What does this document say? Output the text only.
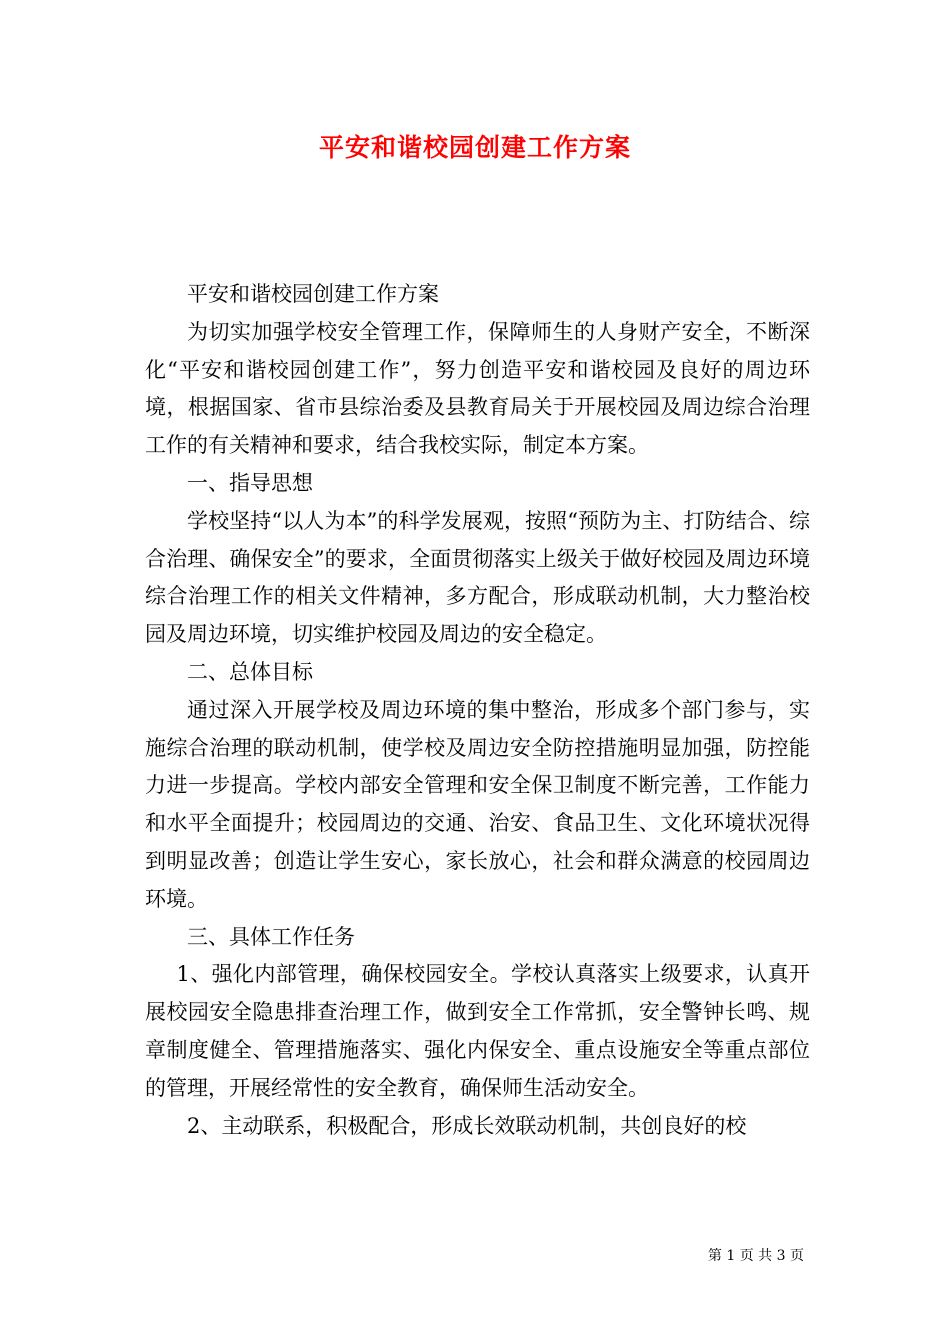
平安和谐校园创建工作方案

平安和谐校园创建工作方案

为切实加强学校安全管理工作，保障师生的人身财产安全，不断深化“平安和谐校园创建工作”，努力创造平安和谐校园及良好的周边环境，根据国家、省市县综治委及县教育局关于开展校园及周边综合治理工作的有关精神和要求，结合我校实际，制定本方案。

一、指导思想

学校坚持“以人为本”的科学发展观，按照“预防为主、打防结合、综合治理、确保安全”的要求，全面贯彻落实上级关于做好校园及周边环境综合治理工作的相关文件精神，多方配合，形成联动机制，大力整治校园及周边环境，切实维护校园及周边的安全稳定。

二、总体目标

通过深入开展学校及周边环境的集中整治，形成多个部门参与，实施综合治理的联动机制，使学校及周边安全防控措施明显加强，防控能力进一步提高。学校内部安全管理和安全保卫制度不断完善，工作能力和水平全面提升；校园周边的交通、治安、食品卫生、文化环境状况得到明显改善；创造让学生安心，家长放心，社会和群众满意的校园周边环境。

三、具体工作任务

1、强化内部管理，确保校园安全。学校认真落实上级要求，认真开展校园安全隐患排查治理工作，做到安全工作常抓，安全警钟长鸣、规章制度健全、管理措施落实、强化内保安全、重点设施安全等重点部位的管理，开展经常性的安全教育，确保师生活动安全。

2、主动联系，积极配合，形成长效联动机制，共创良好的校

第 1 页 共 3 页
